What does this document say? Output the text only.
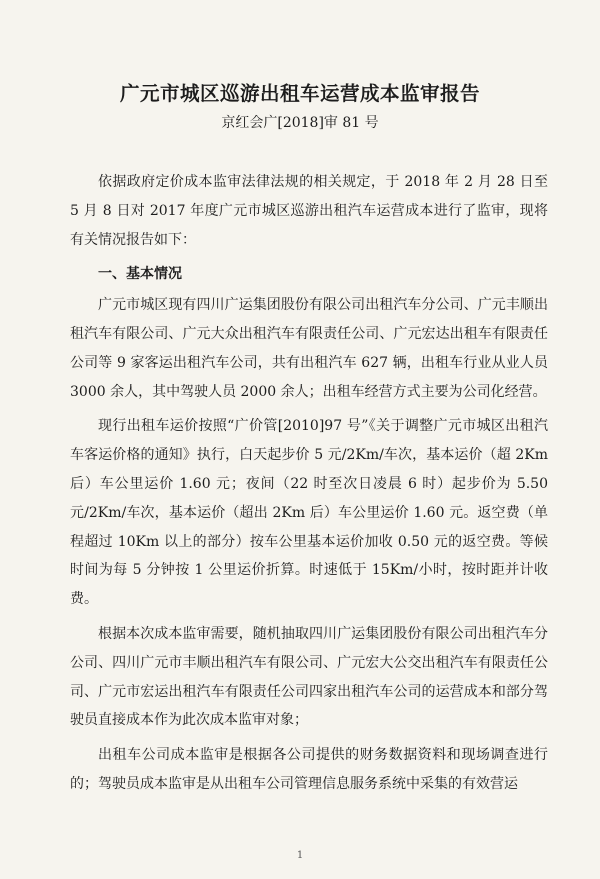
广元市城区巡游出租车运营成本监审报告
京红会广[2018]审 81 号

依据政府定价成本监审法律法规的相关规定，于 2018 年 2 月 28 日至 5 月 8 日对 2017 年度广元市城区巡游出租汽车运营成本进行了监审，现将有关情况报告如下：

一、基本情况

广元市城区现有四川广运集团股份有限公司出租汽车分公司、广元丰顺出租汽车有限公司、广元大众出租汽车有限责任公司、广元宏达出租车有限责任公司等 9 家客运出租汽车公司，共有出租汽车 627 辆，出租车行业从业人员 3000 余人，其中驾驶人员 2000 余人；出租车经营方式主要为公司化经营。

现行出租车运价按照“广价管[2010]97 号”《关于调整广元市城区出租汽车客运价格的通知》执行，白天起步价 5 元/2Km/车次，基本运价（超 2Km 后）车公里运价 1.60 元；夜间（22 时至次日凌晨 6 时）起步价为 5.50 元/2Km/车次，基本运价（超出 2Km 后）车公里运价 1.60 元。返空费（单程超过 10Km 以上的部分）按车公里基本运价加收 0.50 元的返空费。等候时间为每 5 分钟按 1 公里运价折算。时速低于 15Km/小时，按时距并计收费。

根据本次成本监审需要，随机抽取四川广运集团股份有限公司出租汽车分公司、四川广元市丰顺出租汽车有限公司、广元宏大公交出租汽车有限责任公司、广元市宏运出租汽车有限责任公司四家出租汽车公司的运营成本和部分驾驶员直接成本作为此次成本监审对象；

出租车公司成本监审是根据各公司提供的财务数据资料和现场调查进行的；驾驶员成本监审是从出租车公司管理信息服务系统中采集的有效营运

1
